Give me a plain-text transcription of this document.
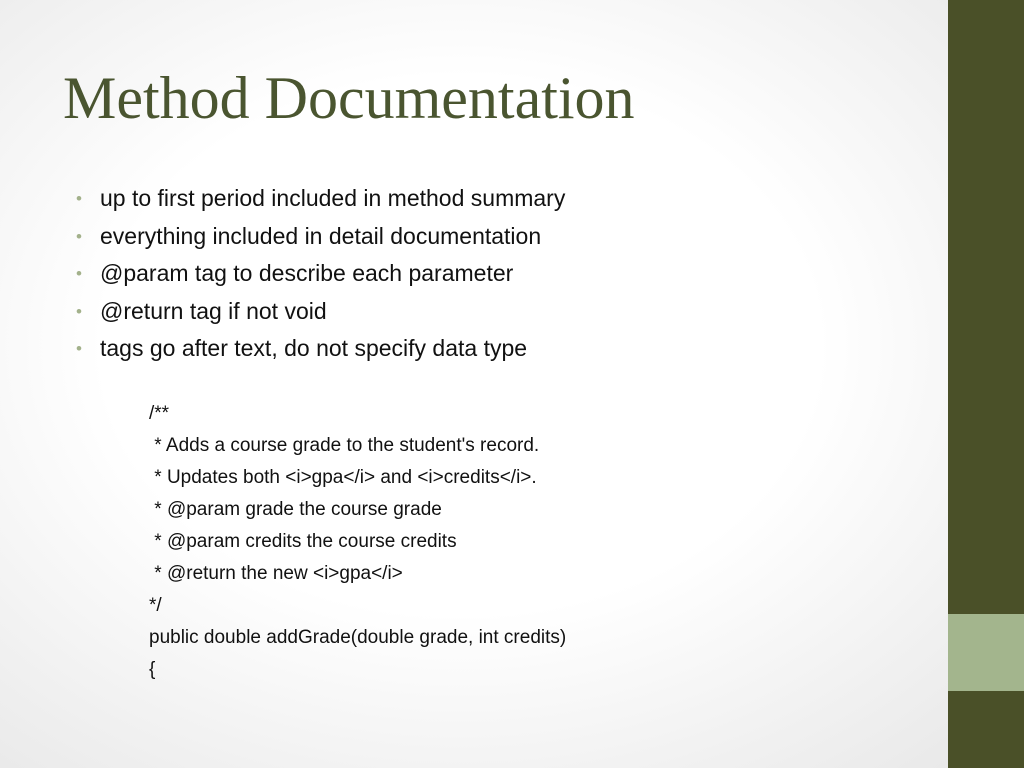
Method Documentation
• up to first period included in method summary
• everything included in detail documentation
• @param tag to describe each parameter
• @return tag if not void
• tags go after text, do not specify data type
/**
* Adds a course grade to the student's record.
* Updates both <i>gpa</i> and <i>credits</i>.
* @param grade the course grade
* @param credits the course credits
* @return the new <i>gpa</i>
*/
public double addGrade(double grade, int credits)
{
